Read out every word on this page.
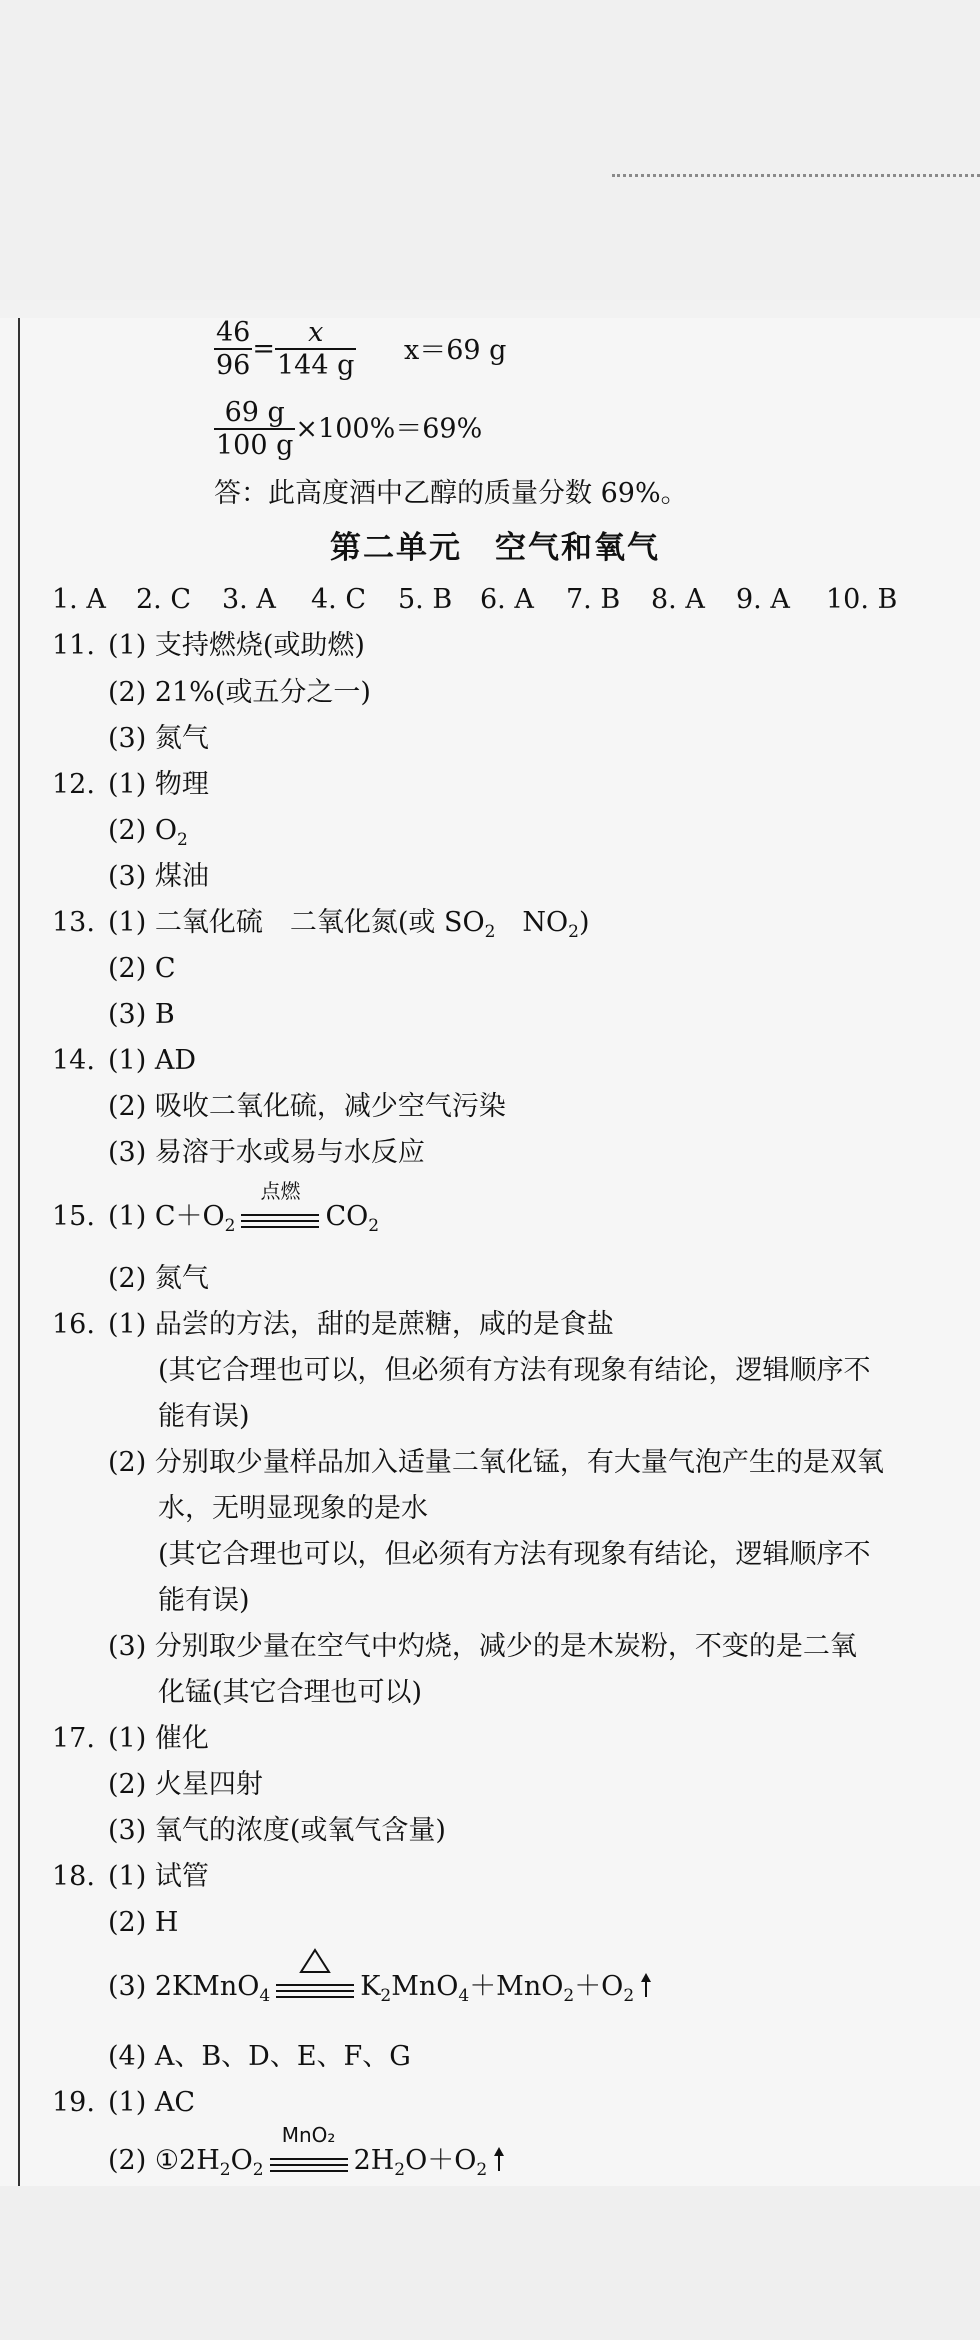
$\frac{46}{96} = \frac{x}{144 g} x=69$ g
$\frac{69 g}{100 g} \times 100\%=69\%$
答：此高度酒中乙醇的质量分数 69%。
第二单元　空气和氧气
1. A 2. C 3. A 4. C 5. B 6. A 7. B 8. A 9. A 10. B
11. (1) 支持燃烧(或助燃)
(2) 21%(或五分之一)
(3) 氮气
12. (1) 物理
(2) $O_2$
(3) 煤油
13. (1) 二氧化硫　二氧化氮(或 $SO_2$　$NO_2$)
(2) C
(3) B
14. (1) AD
(2) 吸收二氧化硫，减少空气污染
(3) 易溶于水或易与水反应
15. (1) $C+O_2$
点燃
$CO_2$
(2) 氮气
16. (1) 品尝的方法，甜的是蔗糖，咸的是食盐
(其它合理也可以，但必须有方法有现象有结论，逻辑顺序不
能有误)
(2) 分别取少量样品加入适量二氧化锰，有大量气泡产生的是双氧
水，无明显现象的是水
(其它合理也可以，但必须有方法有现象有结论，逻辑顺序不
能有误)
(3) 分别取少量在空气中灼烧，减少的是木炭粉，不变的是二氧
化锰(其它合理也可以)
17. (1) 催化
(2) 火星四射
(3) 氧气的浓度(或氧气含量)
18. (1) 试管
(2) H
(3) 2KMnO$_4$	$K_2MnO_4+MnO_2+O_2$
(4) A、B、D、E、F、G
19. (1) AC
(2) $①2H_2O_2$
MnO₂
$2H_2O+O_2$
